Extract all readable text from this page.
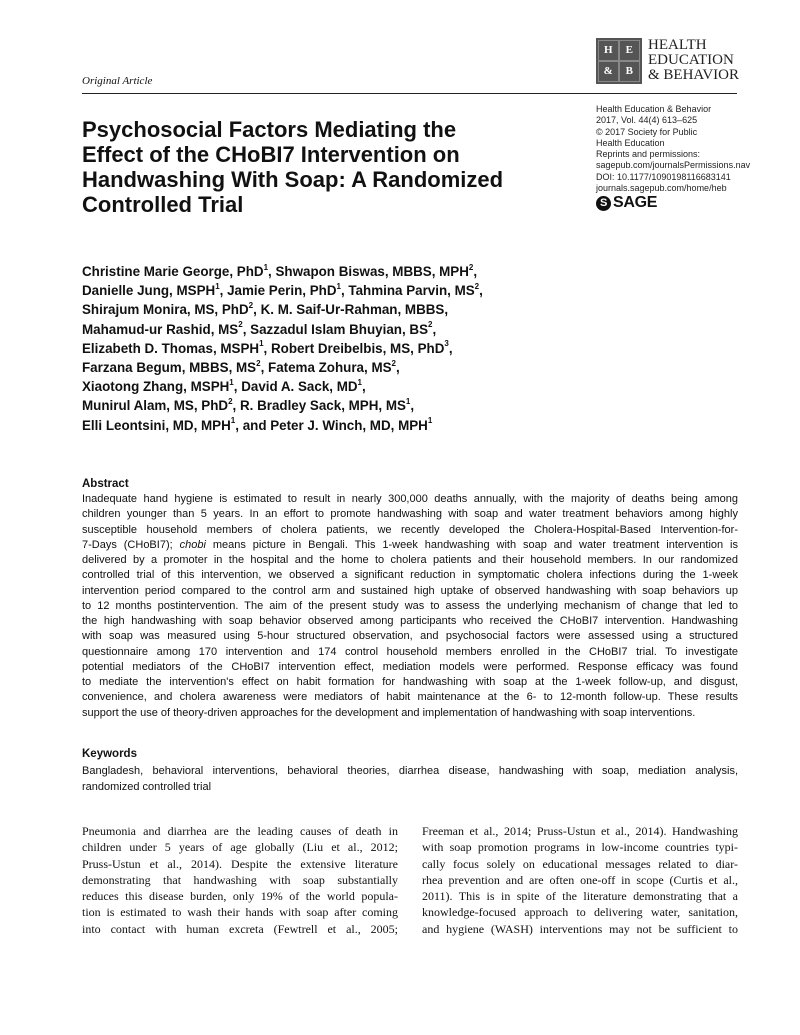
Original Article
H	E
&	B
HEALTH
EDUCATION
& BEHAVIOR
Health Education & Behavior
2017, Vol. 44(4) 613–625
© 2017 Society for Public
Health Education
Reprints and permissions:
sagepub.com/journalsPermissions.nav
DOI: 10.1177/1090198116683141
journals.sagepub.com/home/heb
S SAGE
Psychosocial Factors Mediating the
Effect of the CHoBI7 Intervention on
Handwashing With Soap: A Randomized
Controlled Trial
Christine Marie George, PhD$^1$, Shwapon Biswas, MBBS, MPH$^2$,
Danielle Jung, MSPH$^1$, Jamie Perin, PhD$^1$, Tahmina Parvin, $MS^2$,
Shirajum Monira, MS, PhD$^2$, K. M. Saif-Ur-Rahman, MBBS,
Mahamud-ur Rashid, $MS^2$, Sazzadul Islam Bhuyian, $BS^2$,
Elizabeth D. Thomas, MSPH$^1$, Robert Dreibelbis, MS, PhD$^3$,
Farzana Begum, MBBS, $MS^2$, Fatema Zohura, $MS^2$,
Xiaotong Zhang, MSPH$^1$, David A. Sack, $MD^1$,
Munirul Alam, MS, PhD$^2$, R. Bradley Sack, MPH, $MS^1$,
Elli Leontsini, MD, MPH$^1$, and Peter J. Winch, MD, MPH$^1$
Abstract
Inadequate hand hygiene is estimated to result in nearly 300,000 deaths annually, with the majority of deaths being among
children younger than 5 years. In an effort to promote handwashing with soap and water treatment behaviors among highly
susceptible household members of cholera patients, we recently developed the Cholera-Hospital-Based Intervention-for-
7-Days (CHoBI7); chobi means picture in Bengali. This 1-week handwashing with soap and water treatment intervention is
delivered by a promoter in the hospital and the home to cholera patients and their household members. In our randomized
controlled trial of this intervention, we observed a significant reduction in symptomatic cholera infections during the 1-week
intervention period compared to the control arm and sustained high uptake of observed handwashing with soap behaviors up
to 12 months postintervention. The aim of the present study was to assess the underlying mechanism of change that led to
the high handwashing with soap behavior observed among participants who received the CHoBI7 intervention. Handwashing
with soap was measured using 5-hour structured observation, and psychosocial factors were assessed using a structured
questionnaire among 170 intervention and 174 control household members enrolled in the CHoBI7 trial. To investigate
potential mediators of the CHoBI7 intervention effect, mediation models were performed. Response efficacy was found
to mediate the intervention's effect on habit formation for handwashing with soap at the 1-week follow-up, and disgust,
convenience, and cholera awareness were mediators of habit maintenance at the 6- to 12-month follow-up. These results
support the use of theory-driven approaches for the development and implementation of handwashing with soap interventions.
Keywords
Bangladesh, behavioral interventions, behavioral theories, diarrhea disease, handwashing with soap, mediation analysis,
randomized controlled trial
Pneumonia and diarrhea are the leading causes of death in
children under 5 years of age globally (Liu et al., 2012;
Pruss-Ustun et al., 2014). Despite the extensive literature
demonstrating that handwashing with soap substantially
reduces this disease burden, only 19% of the world popula-
tion is estimated to wash their hands with soap after coming
into contact with human excreta (Fewtrell et al., 2005;
Freeman et al., 2014; Pruss-Ustun et al., 2014). Handwashing
with soap promotion programs in low-income countries typi-
cally focus solely on educational messages related to diar-
rhea prevention and are often one-off in scope (Curtis et al.,
2011). This is in spite of the literature demonstrating that a
knowledge-focused approach to delivering water, sanitation,
and hygiene (WASH) interventions may not be sufficient to
